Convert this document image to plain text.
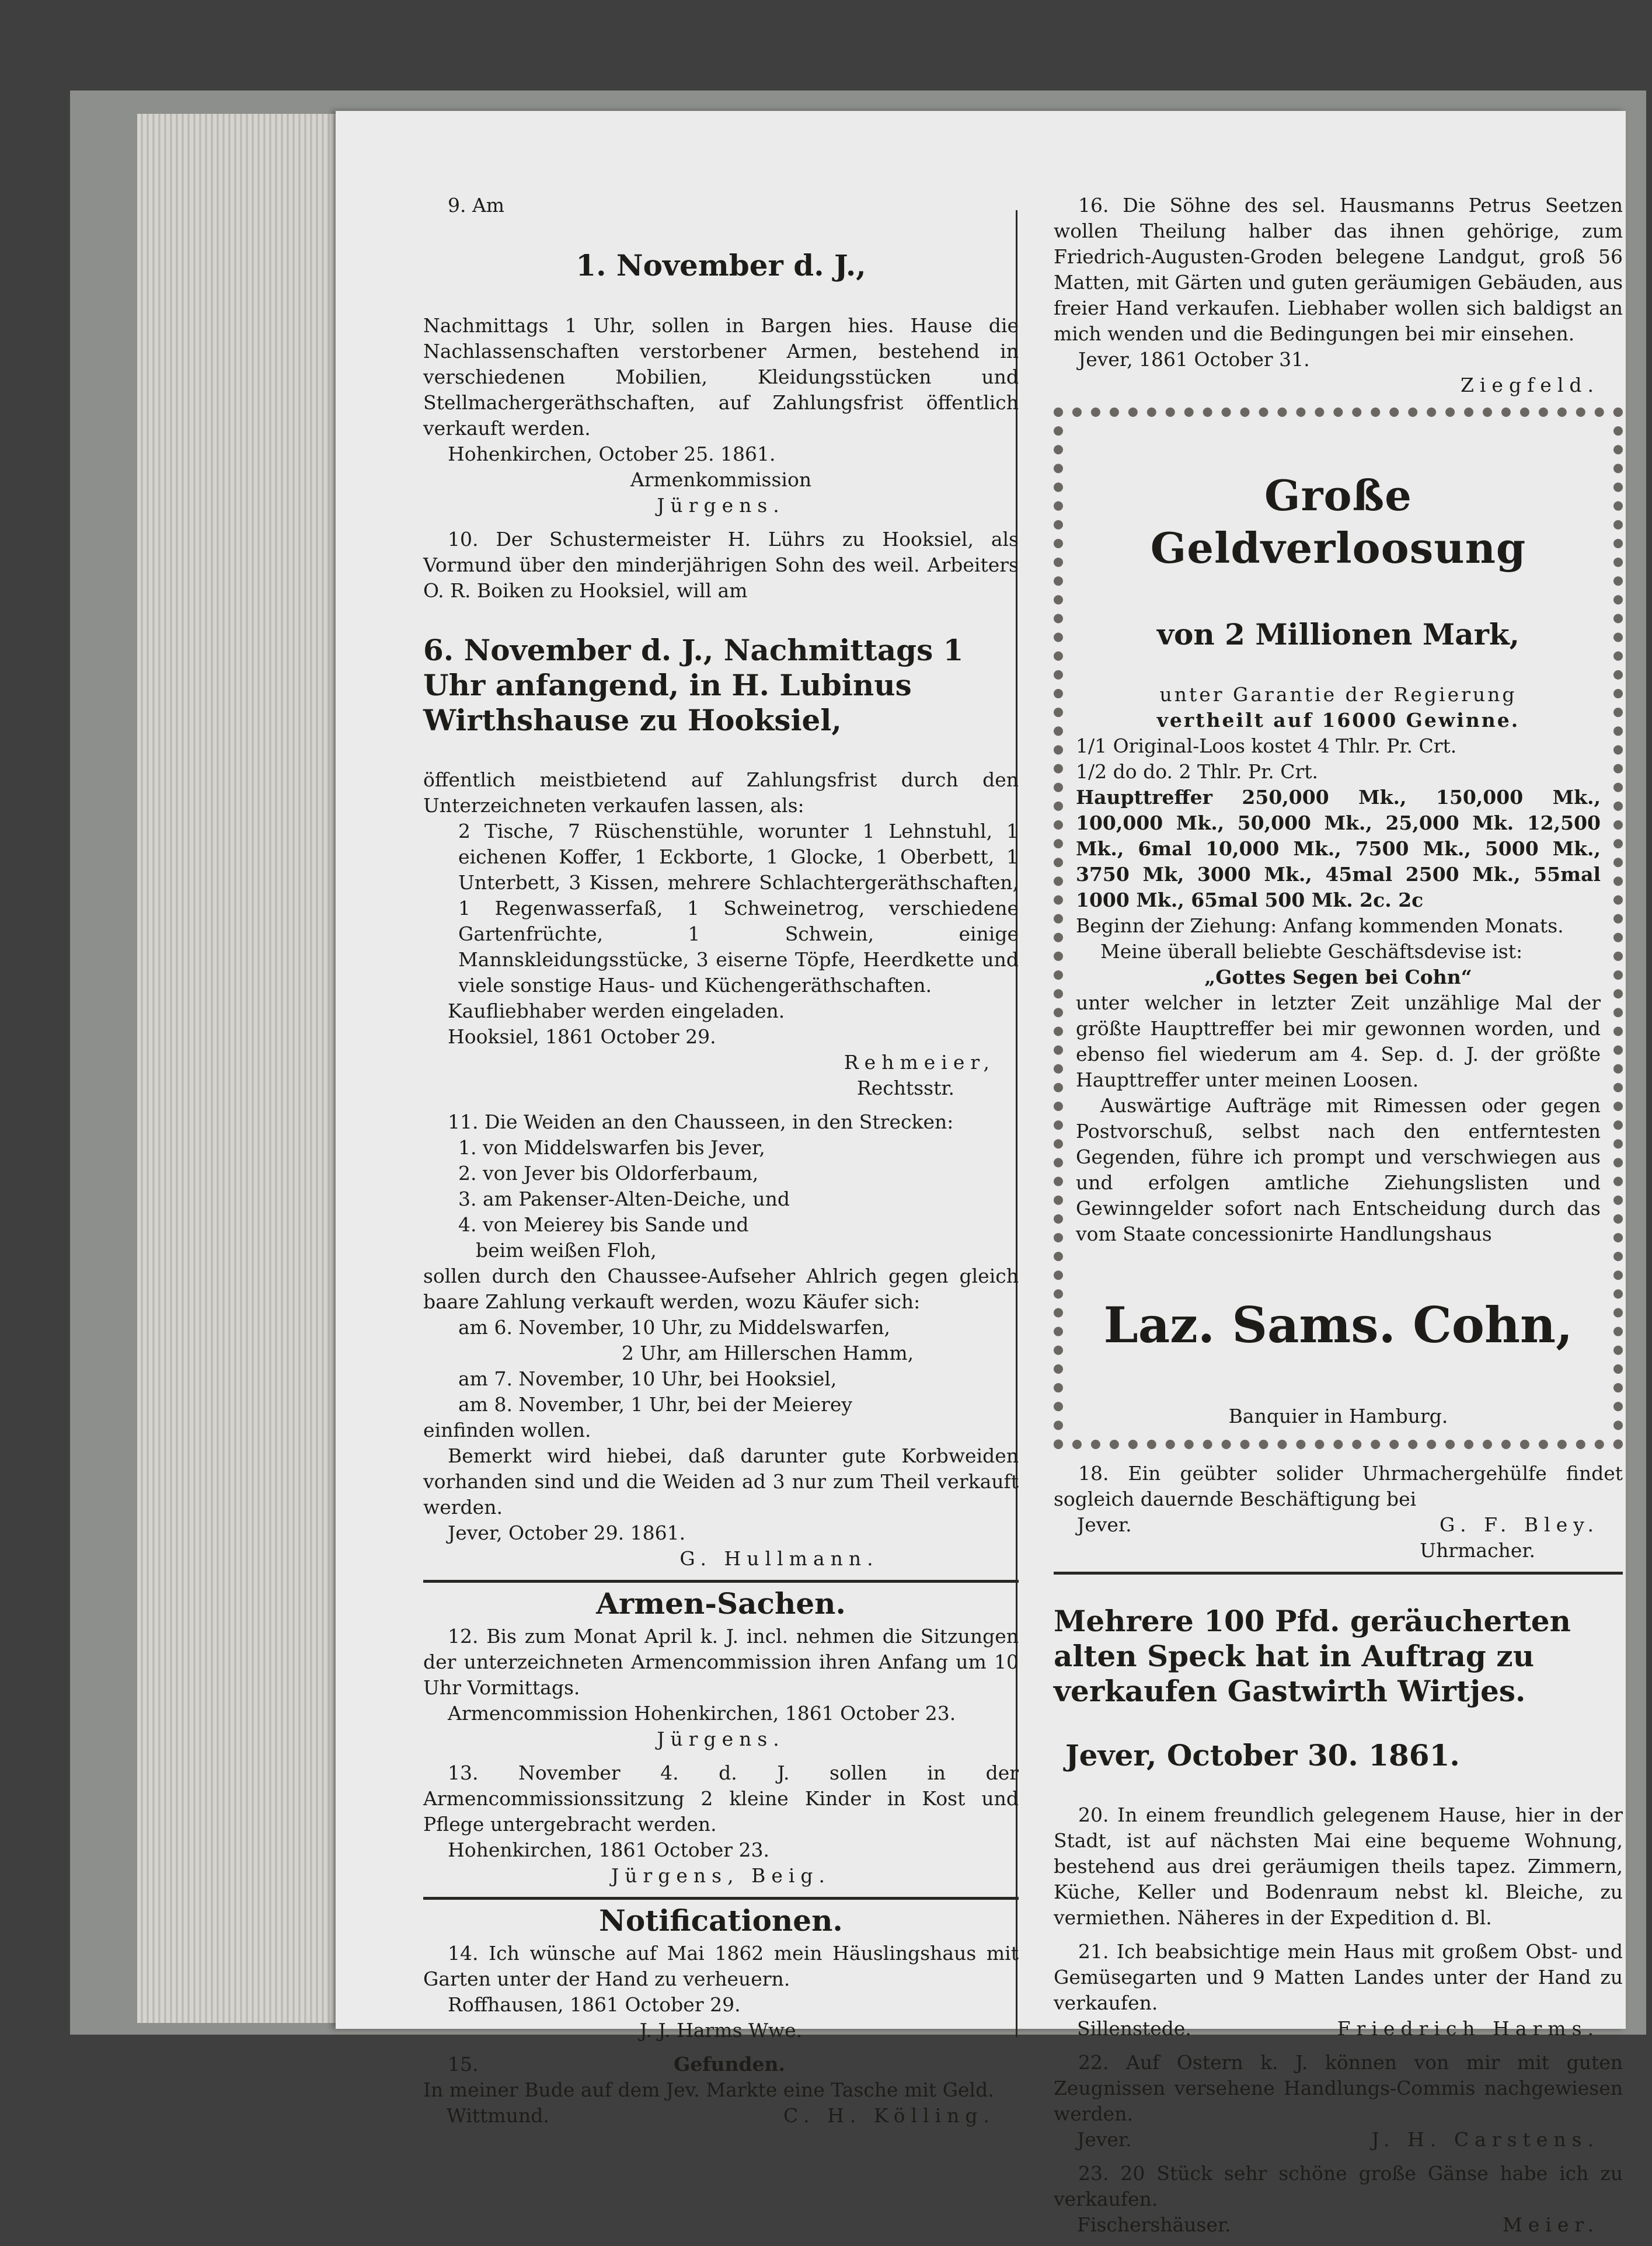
9. Am

1. November d. J.,

Nachmittags 1 Uhr, sollen in Bargen hies. Hause die Nachlassenschaften verstorbener Armen, bestehend in verschiedenen Mobilien, Kleidungsstücken und Stellmachergeräthschaften, auf Zahlungsfrist öffentlich verkauft werden.

Hohenkirchen, October 25. 1861.

Armenkommission

Jürgens.

10. Der Schustermeister H. Lührs zu Hooksiel, als Vormund über den minderjährigen Sohn des weil. Arbeiters O. R. Boiken zu Hooksiel, will am

6. November d. J., Nachmittags 1 Uhr anfangend, in H. Lubinus Wirthshause zu Hooksiel,

öffentlich meistbietend auf Zahlungsfrist durch den Unterzeichneten verkaufen lassen, als:

2 Tische, 7 Rüschenstühle, worunter 1 Lehnstuhl, 1 eichenen Koffer, 1 Eckborte, 1 Glocke, 1 Oberbett, 1 Unterbett, 3 Kissen, mehrere Schlachtergeräthschaften, 1 Regenwasserfaß, 1 Schweinetrog, verschiedene Gartenfrüchte, 1 Schwein, einige Mannskleidungsstücke, 3 eiserne Töpfe, Heerdkette und viele sonstige Haus- und Küchengeräthschaften.

Kaufliebhaber werden eingeladen.

Hooksiel, 1861 October 29.

Rehmeier,

Rechtsstr.

11. Die Weiden an den Chausseen, in den Strecken:

1. von Middelswarfen bis Jever,

2. von Jever bis Oldorferbaum,

3. am Pakenser-Alten-Deiche, und

4. von Meierey bis Sande und

beim weißen Floh,

sollen durch den Chaussee-Aufseher Ahlrich gegen gleich baare Zahlung verkauft werden, wozu Käufer sich:

am 6. November, 10 Uhr, zu Middelswarfen,

2 Uhr, am Hillerschen Hamm,

am 7. November, 10 Uhr, bei Hooksiel,

am 8. November, 1 Uhr, bei der Meierey

einfinden wollen.

Bemerkt wird hiebei, daß darunter gute Korbweiden vorhanden sind und die Weiden ad 3 nur zum Theil verkauft werden.

Jever, October 29. 1861.

G. Hullmann.

Armen-Sachen.

12. Bis zum Monat April k. J. incl. nehmen die Sitzungen der unterzeichneten Armencommission ihren Anfang um 10 Uhr Vormittags.

Armencommission Hohenkirchen, 1861 October 23.

Jürgens.

13. November 4. d. J. sollen in der Armencommissionssitzung 2 kleine Kinder in Kost und Pflege untergebracht werden.

Hohenkirchen, 1861 October 23.

Jürgens, Beig.

Notificationen.

14. Ich wünsche auf Mai 1862 mein Häuslingshaus mit Garten unter der Hand zu verheuern.

Roffhausen, 1861 October 29.

J. J. Harms Wwe.

15.	Gefunden.

In meiner Bude auf dem Jev. Markte eine Tasche mit Geld.

Wittmund.	C. H. Kölling.

16. Die Söhne des sel. Hausmanns Petrus Seetzen wollen Theilung halber das ihnen gehörige, zum Friedrich-Augusten-Groden belegene Landgut, groß 56 Matten, mit Gärten und guten geräumigen Gebäuden, aus freier Hand verkaufen. Liebhaber wollen sich baldigst an mich wenden und die Bedingungen bei mir einsehen.

Jever, 1861 October 31.

Ziegfeld.

Große Geldverloosung

von 2 Millionen Mark,

unter Garantie der Regierung

vertheilt auf 16000 Gewinne.

1/1 Original-Loos kostet 4 Thlr. Pr. Crt.

1/2 do do. 2 Thlr. Pr. Crt.

Haupttreffer 250,000 Mk., 150,000 Mk., 100,000 Mk., 50,000 Mk., 25,000 Mk. 12,500 Mk., 6mal 10,000 Mk., 7500 Mk., 5000 Mk., 3750 Mk, 3000 Mk., 45mal 2500 Mk., 55mal 1000 Mk., 65mal 500 Mk. 2c. 2c

Beginn der Ziehung: Anfang kommenden Monats.

Meine überall beliebte Geschäftsdevise ist:

„Gottes Segen bei Cohn“

unter welcher in letzter Zeit unzählige Mal der größte Haupttreffer bei mir gewonnen worden, und ebenso fiel wiederum am 4. Sep. d. J. der größte Haupttreffer unter meinen Loosen.

Auswärtige Aufträge mit Rimessen oder gegen Postvorschuß, selbst nach den entferntesten Gegenden, führe ich prompt und verschwiegen aus und erfolgen amtliche Ziehungslisten und Gewinngelder sofort nach Entscheidung durch das vom Staate concessionirte Handlungshaus

Laz. Sams. Cohn,

Banquier in Hamburg.

18. Ein geübter solider Uhrmachergehülfe findet sogleich dauernde Beschäftigung bei

Jever.	G. F. Bley.

Uhrmacher.

Mehrere 100 Pfd. geräucherten alten Speck hat in Auftrag zu verkaufen Gastwirth Wirtjes.

Jever, October 30. 1861.

20. In einem freundlich gelegenem Hause, hier in der Stadt, ist auf nächsten Mai eine bequeme Wohnung, bestehend aus drei geräumigen theils tapez. Zimmern, Küche, Keller und Bodenraum nebst kl. Bleiche, zu vermiethen. Näheres in der Expedition d. Bl.

21. Ich beabsichtige mein Haus mit großem Obst- und Gemüsegarten und 9 Matten Landes unter der Hand zu verkaufen.

Sillenstede.	Friedrich Harms.

22. Auf Ostern k. J. können von mir mit guten Zeugnissen versehene Handlungs-Commis nachgewiesen werden.

Jever.	J. H. Carstens.

23. 20 Stück sehr schöne große Gänse habe ich zu verkaufen.

Fischershäuser.	Meier.
